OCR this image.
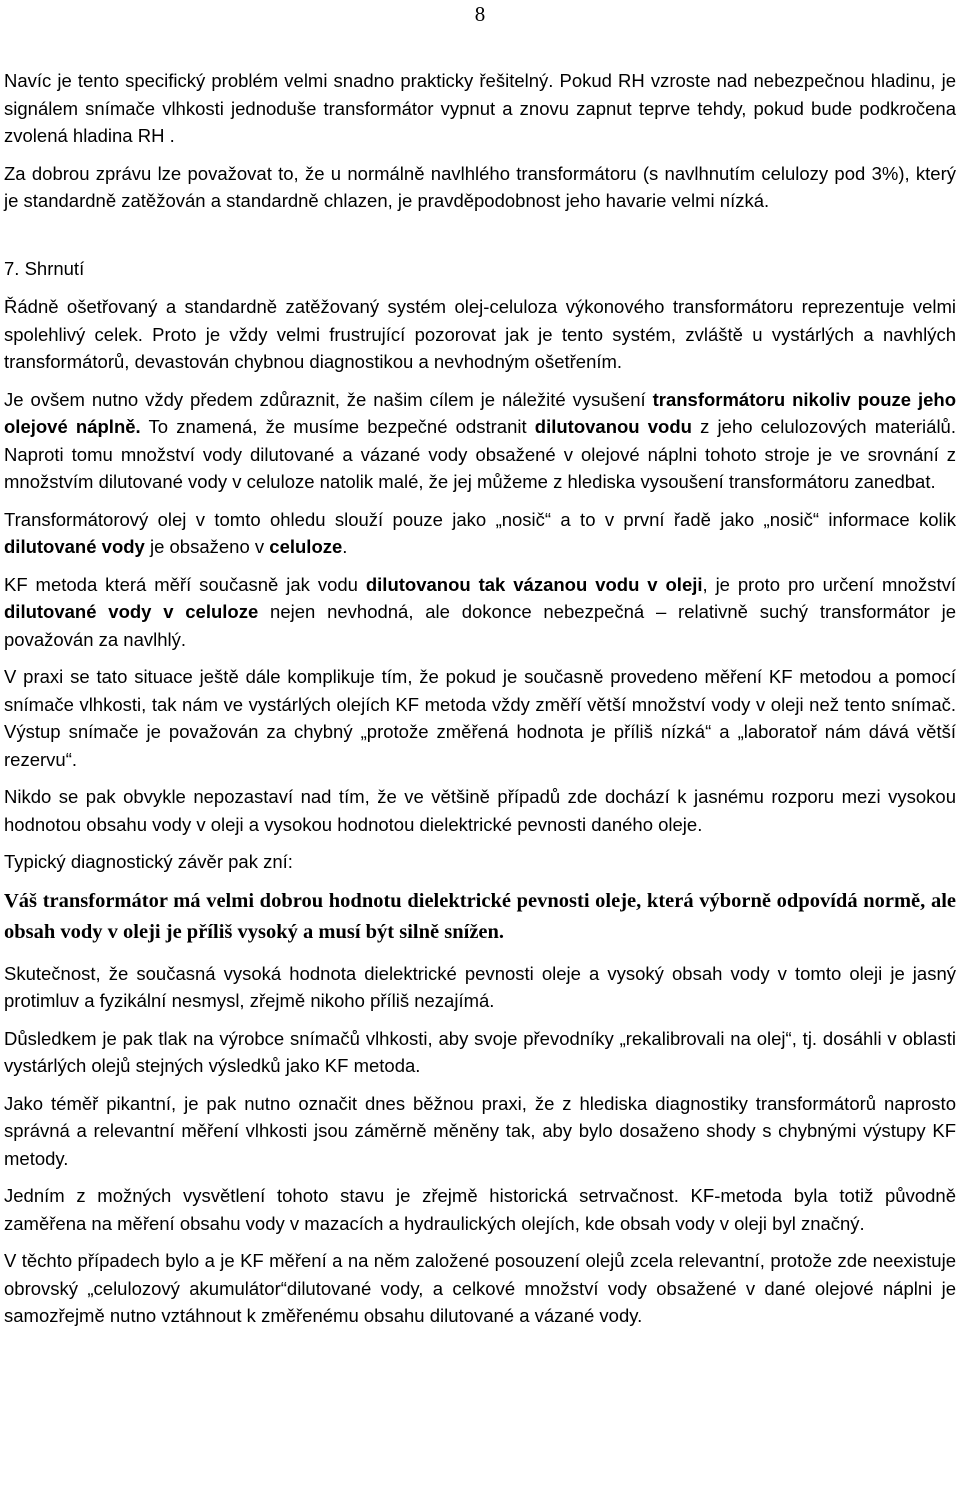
8

Navíc je tento specifický problém velmi snadno prakticky řešitelný. Pokud RH vzroste nad nebezpečnou hladinu, je signálem snímače vlhkosti jednoduše transformátor vypnut a znovu zapnut teprve tehdy, pokud bude podkročena zvolená hladina RH .

Za dobrou zprávu lze považovat to, že u normálně navlhlého transformátoru (s navlhnutím celulozy pod 3%), který je standardně zatěžován a standardně chlazen, je pravděpodobnost jeho havarie velmi nízká.

7. Shrnutí

Řádně ošetřovaný a standardně zatěžovaný systém olej-celuloza výkonového transformátoru reprezentuje velmi spolehlivý celek. Proto je vždy velmi frustrující pozorovat jak je tento systém, zvláště u vystárlých a navhlých transformátorů, devastován chybnou diagnostikou a nevhodným ošetřením.

Je ovšem nutno vždy předem zdůraznit, že našim cílem je náležité vysušení transformátoru nikoliv pouze jeho olejové náplně. To znamená, že musíme bezpečné odstranit dilutovanou vodu z jeho celulozových materiálů. Naproti tomu množství vody dilutované a vázané vody obsažené v olejové náplni tohoto stroje je ve srovnání z množstvím dilutované vody v celuloze natolik malé, že jej můžeme z hlediska vysoušení transformátoru zanedbat.

Transformátorový olej v tomto ohledu slouží pouze jako „nosič“ a to v první řadě jako „nosič“ informace kolik dilutované vody je obsaženo v celuloze.

KF metoda která měří současně jak vodu dilutovanou tak vázanou vodu v oleji, je proto pro určení množství dilutované vody v celuloze nejen nevhodná, ale dokonce nebezpečná – relativně suchý transformátor je považován za navlhlý.

V praxi se tato situace ještě dále komplikuje tím, že pokud je současně provedeno měření KF metodou a pomocí snímače vlhkosti, tak nám ve vystárlých olejích KF metoda vždy změří větší množství vody v oleji než tento snímač. Výstup snímače je považován za chybný „protože změřená hodnota je příliš nízká“ a „laboratoř nám dává větší rezervu“.

Nikdo se pak obvykle nepozastaví nad tím, že ve většině případů zde dochází k jasnému rozporu mezi vysokou hodnotou obsahu vody v oleji a vysokou hodnotou dielektrické pevnosti daného oleje.

Typický diagnostický závěr pak zní:

Váš transformátor má velmi dobrou hodnotu dielektrické pevnosti oleje, která výborně odpovídá normě, ale obsah vody v oleji je příliš vysoký a musí být silně snížen.

Skutečnost, že současná vysoká hodnota dielektrické pevnosti oleje a vysoký obsah vody v tomto oleji je jasný protimluv a fyzikální nesmysl, zřejmě nikoho příliš nezajímá.

Důsledkem je pak tlak na výrobce snímačů vlhkosti, aby svoje převodníky „rekalibrovali na olej“, tj. dosáhli v oblasti vystárlých olejů stejných výsledků jako KF metoda.

Jako téměř pikantní, je pak nutno označit dnes běžnou praxi, že z hlediska diagnostiky transformátorů naprosto správná a relevantní měření vlhkosti jsou záměrně měněny tak, aby bylo dosaženo shody s chybnými výstupy KF metody.

Jedním z možných vysvětlení tohoto stavu je zřejmě historická setrvačnost. KF-metoda byla totiž původně zaměřena na měření obsahu vody v mazacích a hydraulických olejích, kde obsah vody v oleji byl značný.

V těchto případech bylo a je KF měření a na něm založené posouzení olejů zcela relevantní, protože zde neexistuje obrovský „celulozový akumulátor“dilutované vody, a celkové množství vody obsažené v dané olejové náplni je samozřejmě nutno vztáhnout k změřenému obsahu dilutované a vázané vody.
